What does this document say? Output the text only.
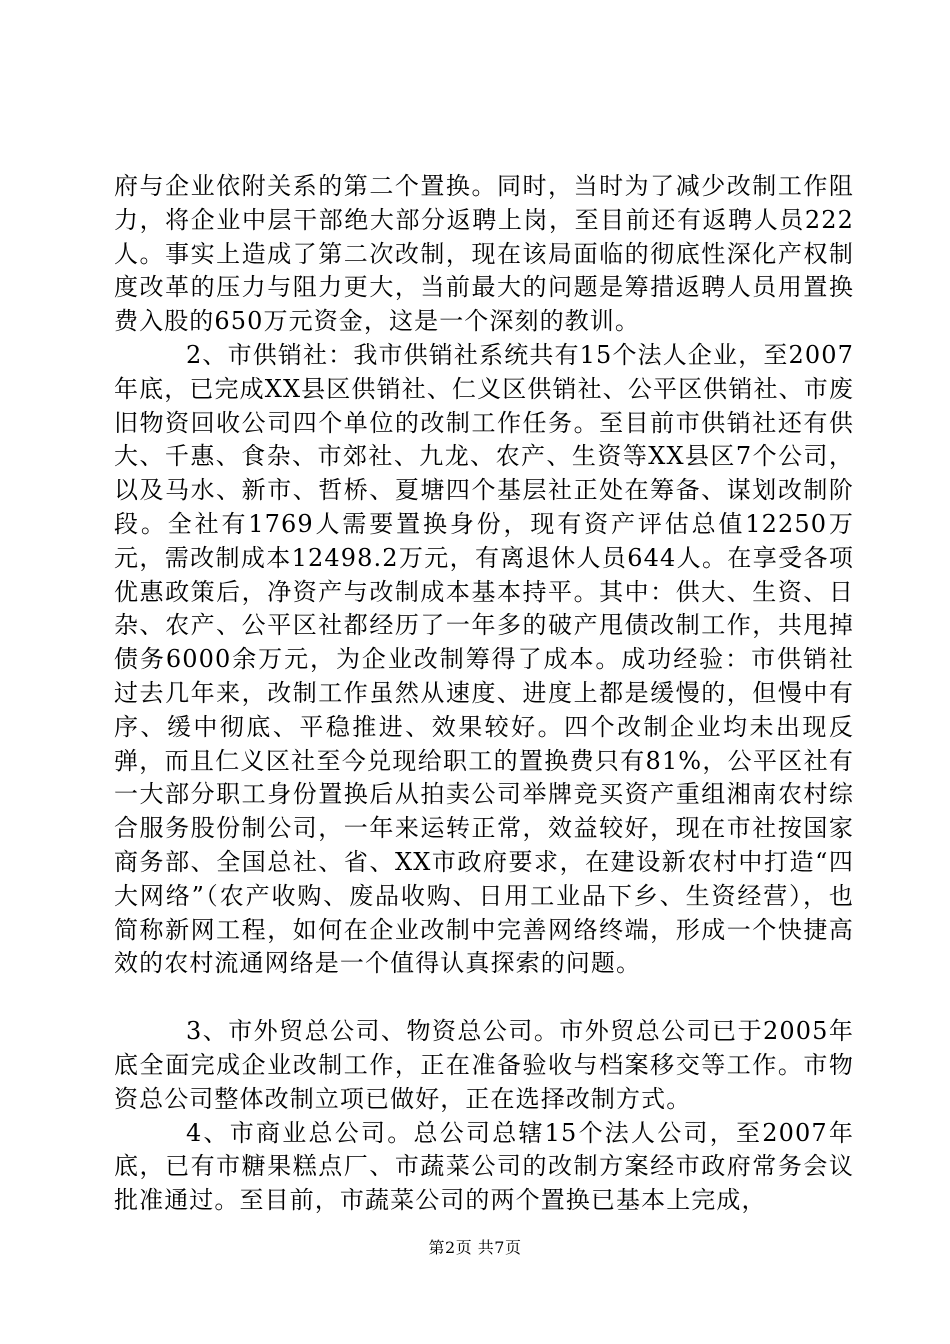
府与企业依附关系的第二个置换。同时，当时为了减少改制工作阻力，将企业中层干部绝大部分返聘上岗，至目前还有返聘人员222人。事实上造成了第二次改制，现在该局面临的彻底性深化产权制度改革的压力与阻力更大，当前最大的问题是筹措返聘人员用置换费入股的650万元资金，这是一个深刻的教训。

2、市供销社：我市供销社系统共有15个法人企业，至2007年底，已完成XX县区供销社、仁义区供销社、公平区供销社、市废旧物资回收公司四个单位的改制工作任务。至目前市供销社还有供大、千惠、食杂、市郊社、九龙、农产、生资等XX县区7个公司，以及马水、新市、哲桥、夏塘四个基层社正处在筹备、谋划改制阶段。全社有1769人需要置换身份，现有资产评估总值12250万元，需改制成本12498.2万元，有离退休人员644人。在享受各项优惠政策后，净资产与改制成本基本持平。其中：供大、生资、日杂、农产、公平区社都经历了一年多的破产甩债改制工作，共甩掉债务6000余万元，为企业改制筹得了成本。成功经验：市供销社过去几年来，改制工作虽然从速度、进度上都是缓慢的，但慢中有序、缓中彻底、平稳推进、效果较好。四个改制企业均未出现反弹，而且仁义区社至今兑现给职工的置换费只有81%，公平区社有一大部分职工身份置换后从拍卖公司举牌竞买资产重组湘南农村综合服务股份制公司，一年来运转正常，效益较好，现在市社按国家商务部、全国总社、省、XX市政府要求，在建设新农村中打造“四大网络”（农产收购、废品收购、日用工业品下乡、生资经营），也简称新网工程，如何在企业改制中完善网络终端，形成一个快捷高效的农村流通网络是一个值得认真探索的问题。

3、市外贸总公司、物资总公司。市外贸总公司已于2005年底全面完成企业改制工作，正在准备验收与档案移交等工作。市物资总公司整体改制立项已做好，正在选择改制方式。

4、市商业总公司。总公司总辖15个法人公司，至2007年底，已有市糖果糕点厂、市蔬菜公司的改制方案经市政府常务会议批准通过。至目前，市蔬菜公司的两个置换已基本上完成，

第2页 共7页
